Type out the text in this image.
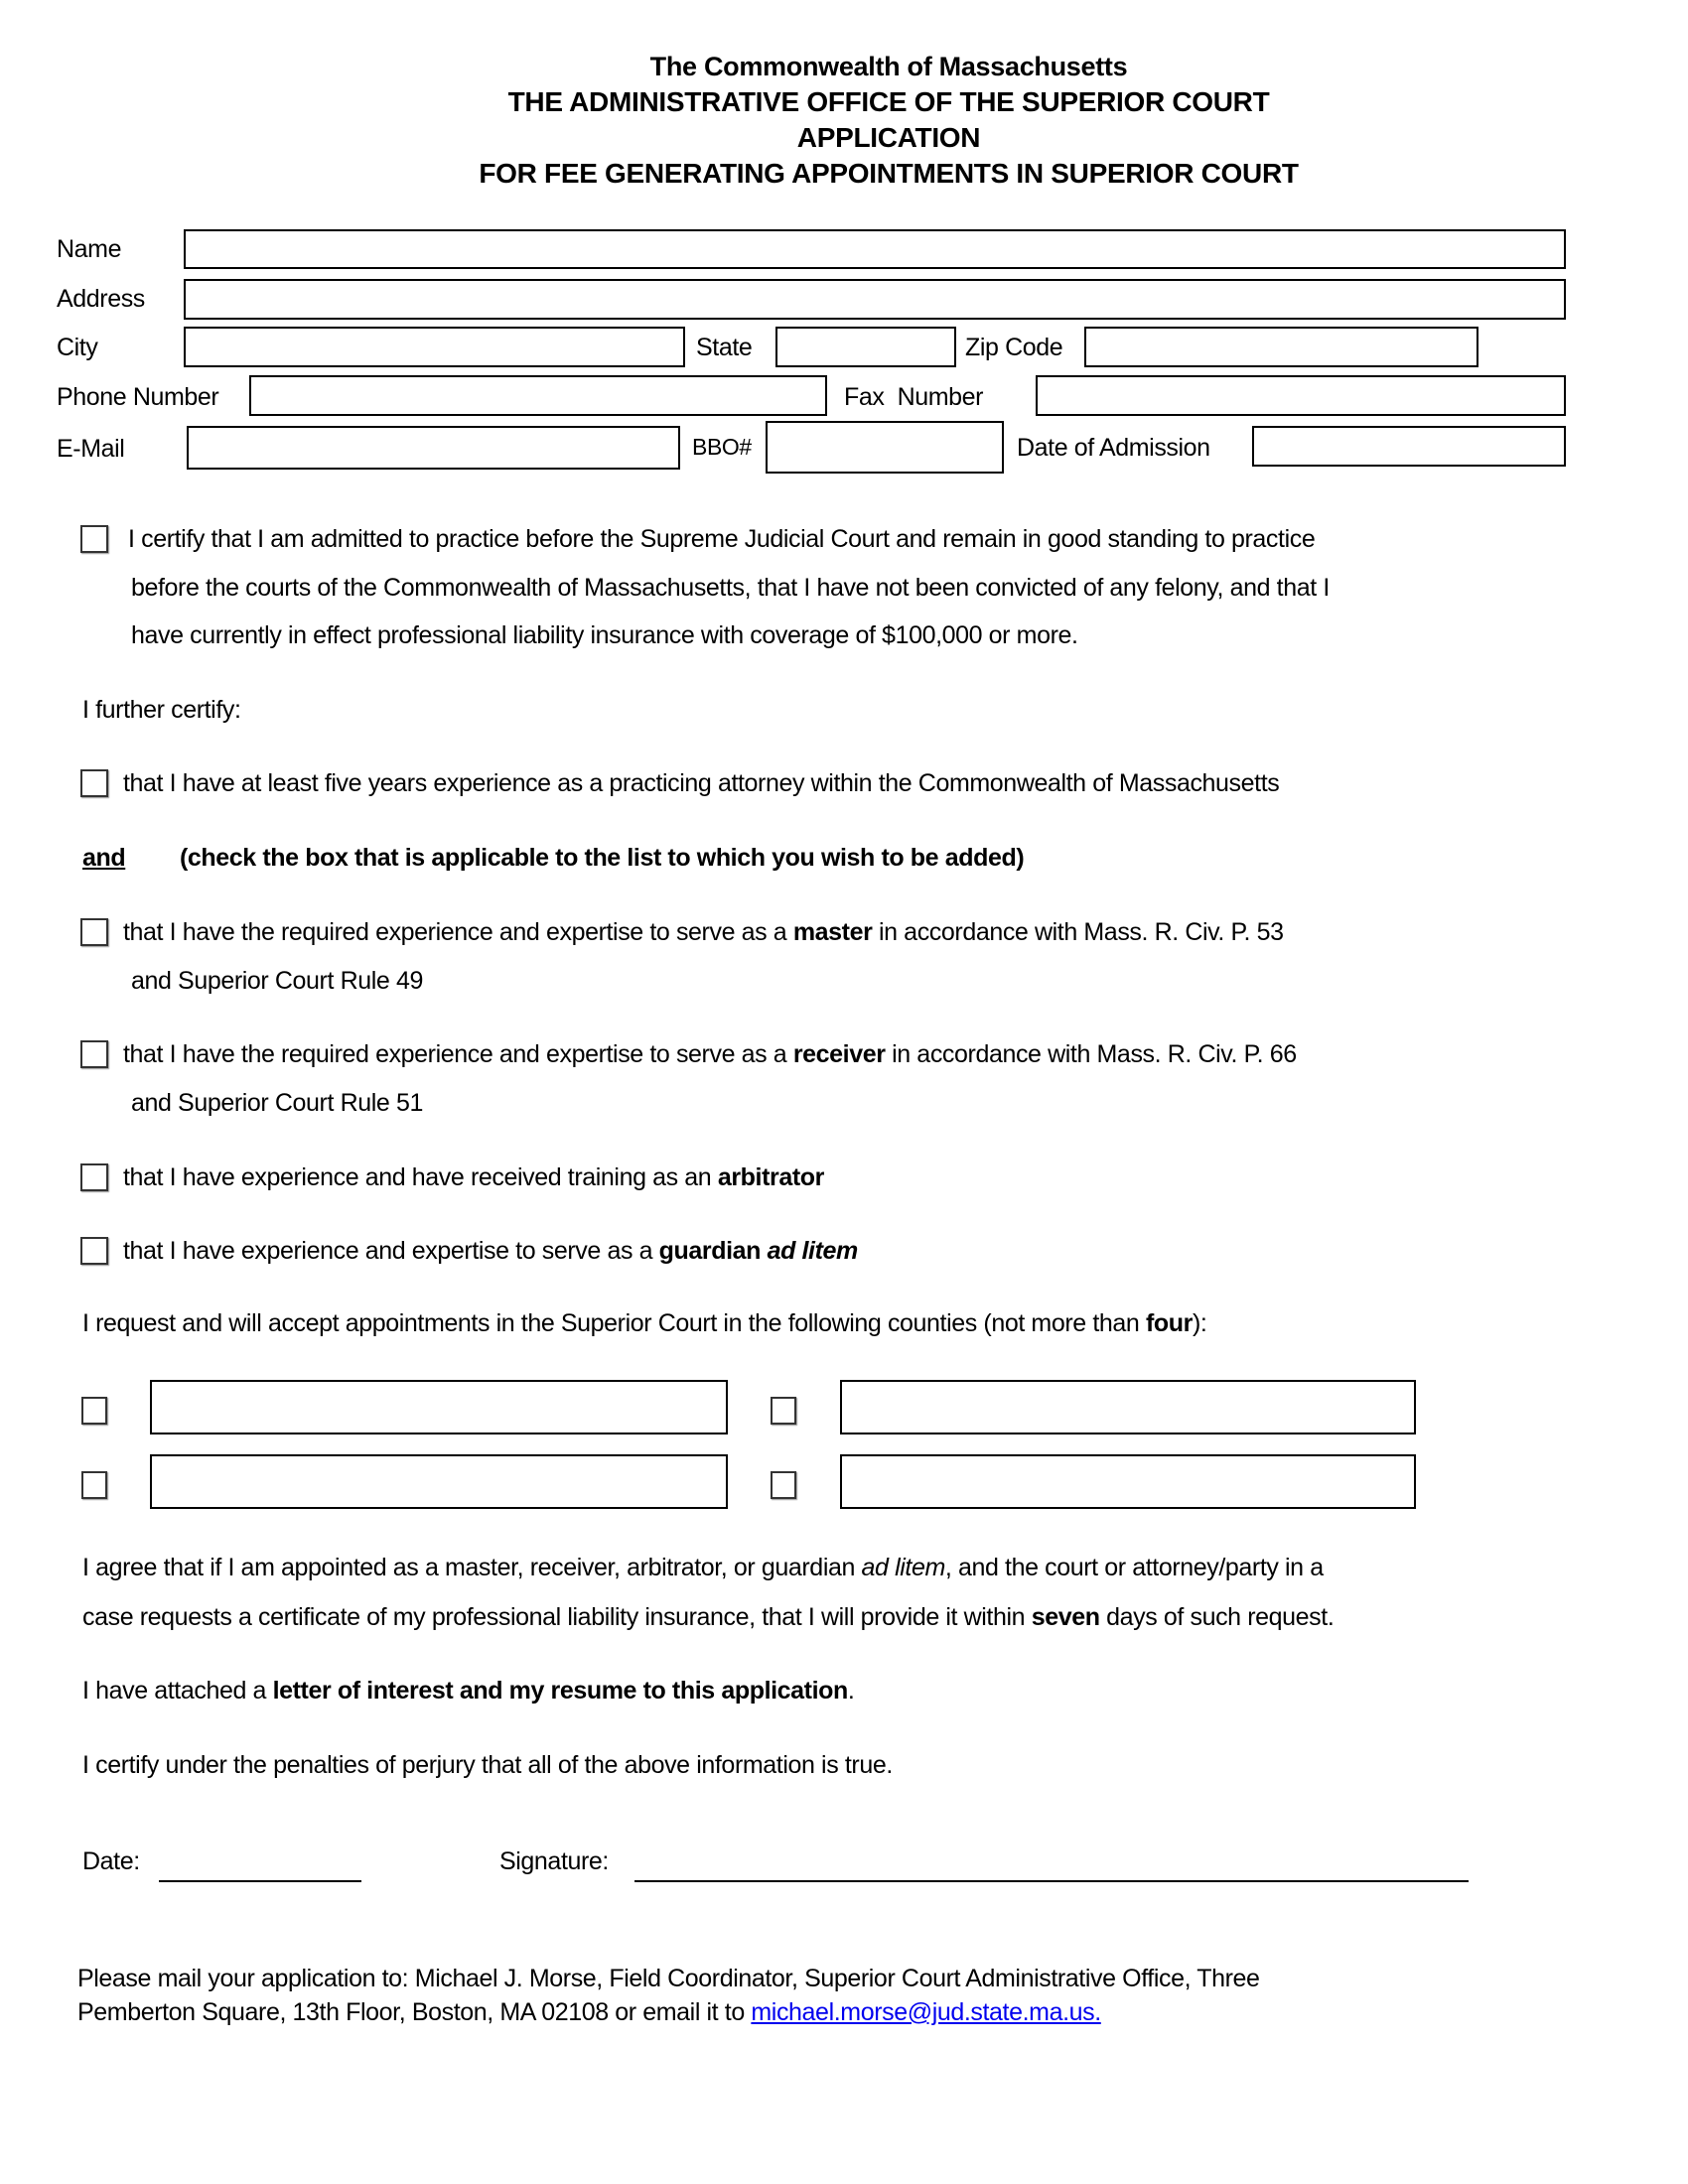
The Commonwealth of Massachusetts
THE ADMINISTRATIVE OFFICE OF THE SUPERIOR COURT
APPLICATION
FOR FEE GENERATING APPOINTMENTS IN SUPERIOR COURT
Name
Address
City	State	Zip Code
Phone Number	Fax  Number
E-Mail	BBO#	Date of Admission
I certify that I am admitted to practice before the Supreme Judicial Court and remain in good standing to practice
before the courts of the Commonwealth of Massachusetts, that I have not been convicted of any felony, and that I
have currently in effect professional liability insurance with coverage of $100,000 or more.
I further certify:
that I have at least five years experience as a practicing attorney within the Commonwealth of Massachusetts
and (check the box that is applicable to the list to which you wish to be added)
that I have the required experience and expertise to serve as a master in accordance with Mass. R. Civ. P. 53
and Superior Court Rule 49
that I have the required experience and expertise to serve as a receiver in accordance with Mass. R. Civ. P. 66
and Superior Court Rule 51
that I have experience and have received training as an arbitrator
that I have experience and expertise to serve as a guardian ad litem
I request and will accept appointments in the Superior Court in the following counties (not more than four):
I agree that if I am appointed as a master, receiver, arbitrator, or guardian ad litem, and the court or attorney/party in a
case requests a certificate of my professional liability insurance, that I will provide it within seven days of such request.
I have attached a letter of interest and my resume to this application.
I certify under the penalties of perjury that all of the above information is true.
Date:	Signature:
Please mail your application to: Michael J. Morse, Field Coordinator, Superior Court Administrative Office, Three
Pemberton Square, 13th Floor, Boston, MA 02108 or email it to michael.morse@jud.state.ma.us.
